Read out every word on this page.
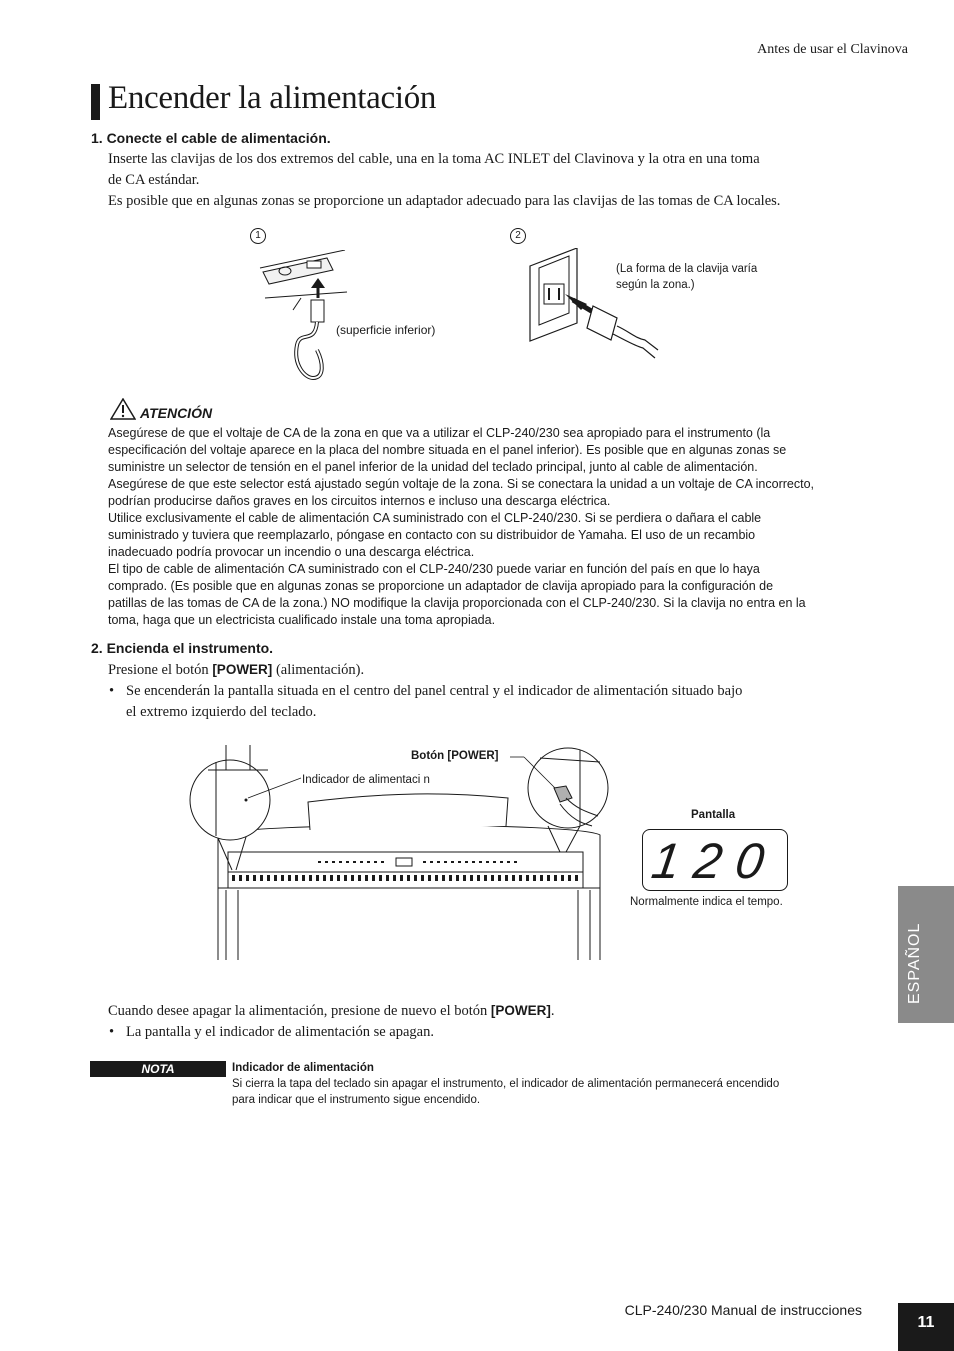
Antes de usar el Clavinova
Encender la alimentación
1. Conecte el cable de alimentación.
Inserte las clavijas de los dos extremos del cable, una en la toma AC INLET del Clavinova y la otra en una toma
de CA estándar.
Es posible que en algunas zonas se proporcione un adaptador adecuado para las clavijas de las tomas de CA locales.
1	2
(superficie inferior)
(La forma de la clavija varía
según la zona.)
ATENCIÓN
Asegúrese de que el voltaje de CA de la zona en que va a utilizar el CLP-240/230 sea apropiado para el instrumento (la
especificación del voltaje aparece en la placa del nombre situada en el panel inferior). Es posible que en algunas zonas se
suministre un selector de tensión en el panel inferior de la unidad del teclado principal, junto al cable de alimentación.
Asegúrese de que este selector está ajustado según voltaje de la zona. Si se conectara la unidad a un voltaje de CA incorrecto,
podrían producirse daños graves en los circuitos internos e incluso una descarga eléctrica.
Utilice exclusivamente el cable de alimentación CA suministrado con el CLP-240/230. Si se perdiera o dañara el cable
suministrado y tuviera que reemplazarlo, póngase en contacto con su distribuidor de Yamaha. El uso de un recambio
inadecuado podría provocar un incendio o una descarga eléctrica.
El tipo de cable de alimentación CA suministrado con el CLP-240/230 puede variar en función del país en que lo haya
comprado. (Es posible que en algunas zonas se proporcione un adaptador de clavija apropiado para la configuración de
patillas de las tomas de CA de la zona.) NO modifique la clavija proporcionada con el CLP-240/230. Si la clavija no entra en la
toma, haga que un electricista cualificado instale una toma apropiada.
2. Encienda el instrumento.
Presione el botón [POWER] (alimentación).
• Se encenderán la pantalla situada en el centro del panel central y el indicador de alimentación situado bajo
el extremo izquierdo del teclado.
Botón [POWER]
Indicador de alimentaci n
Pantalla
120
Normalmente indica el tempo.
Cuando desee apagar la alimentación, presione de nuevo el botón [POWER].
• La pantalla y el indicador de alimentación se apagan.
NOTA	Indicador de alimentación
Si cierra la tapa del teclado sin apagar el instrumento, el indicador de alimentación permanecerá encendido
para indicar que el instrumento sigue encendido.
ESPAÑOL
CLP-240/230 Manual de instrucciones
11
